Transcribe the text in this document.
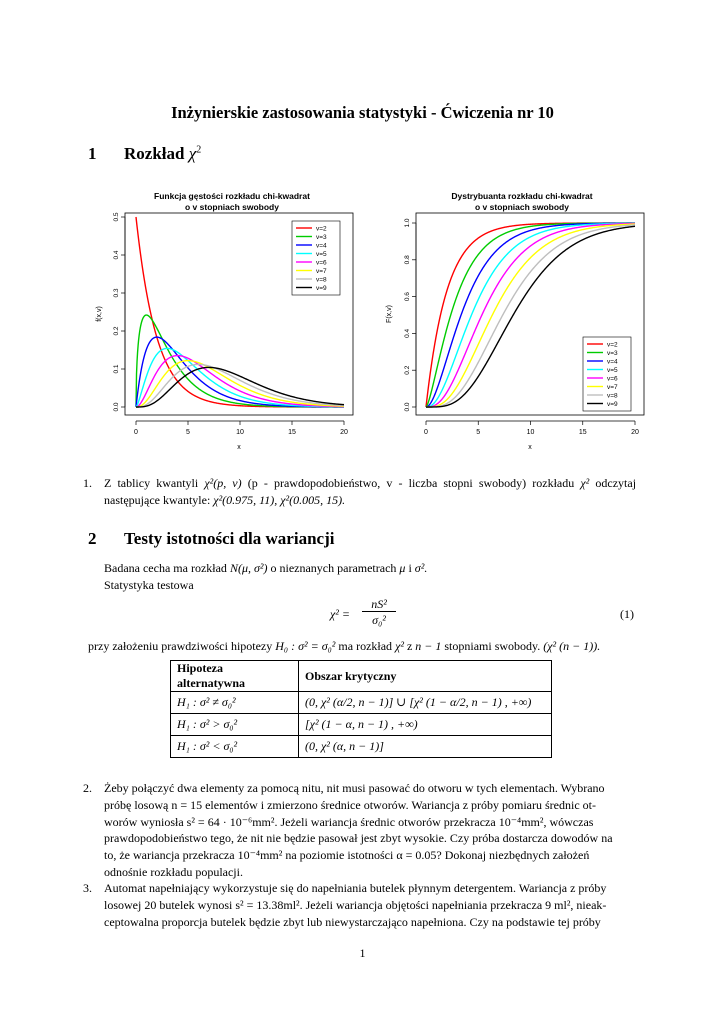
Inżynierskie zastosowania statystyki - Ćwiczenia nr 10
1 Rozkład $\chi^2$
Funkcja gęstości rozkładu chi-kwadrat
o v stopniach swobody
0	5	10	15	20
0.0
0.1
0.2
0.3
0.4
0.5
x
f(x,v)
v=2
v=3
v=4
v=5
v=6
v=7
v=8
v=9
Dystrybuanta rozkładu chi-kwadrat
o v stopniach swobody
0	5	10	15	20
0.0
0.2
0.4
0.6
0.8
1.0
x
F(x,v)
v=2
v=3
v=4
v=5
v=6
v=7
v=8
v=9
1. Z tablicy kwantyli χ²(p, v) (p - prawdopodobieństwo, v - liczba stopni swobody) rozkładu χ² odczytaj następujące kwantyle: χ²(0.975, 11), χ²(0.005, 15).
2 Testy istotności dla wariancji
Badana cecha ma rozkład N(μ, σ²) o nieznanych parametrach μ i σ².
Statystyka testowa
χ² =
nS²
σ₀²	(1)
przy założeniu prawdziwości hipotezy H₀ : σ² = σ₀² ma rozkład χ² z n − 1 stopniami swobody. (χ² (n − 1)).
Hipoteza alternatywna	Obszar krytyczny
H₁ : σ² ≠ σ₀²	(0, χ² (α/2, n − 1)] ∪ [χ² (1 − α/2, n − 1) , +∞)
H₁ : σ² > σ₀²	[χ² (1 − α, n − 1) , +∞)
H₁ : σ² < σ₀²	(0, χ² (α, n − 1)]
2. Żeby połączyć dwa elementy za pomocą nitu, nit musi pasować do otworu w tych elementach. Wybrano
próbę losową n = 15 elementów i zmierzono średnice otworów. Wariancja z próby pomiaru średnic ot-
worów wyniosła s² = 64 · 10⁻⁶mm². Jeżeli wariancja średnic otworów przekracza 10⁻⁴mm², wówczas
prawdopodobieństwo tego, że nit nie będzie pasował jest zbyt wysokie. Czy próba dostarcza dowodów na
to, że wariancja przekracza 10⁻⁴mm² na poziomie istotności α = 0.05? Dokonaj niezbędnych założeń
odnośnie rozkładu populacji.
3. Automat napełniający wykorzystuje się do napełniania butelek płynnym detergentem. Wariancja z próby
losowej 20 butelek wynosi s² = 13.38ml². Jeżeli wariancja objętości napełniania przekracza 9 ml², nieak-
ceptowalna proporcja butelek będzie zbyt lub niewystarczająco napełniona. Czy na podstawie tej próby
1
